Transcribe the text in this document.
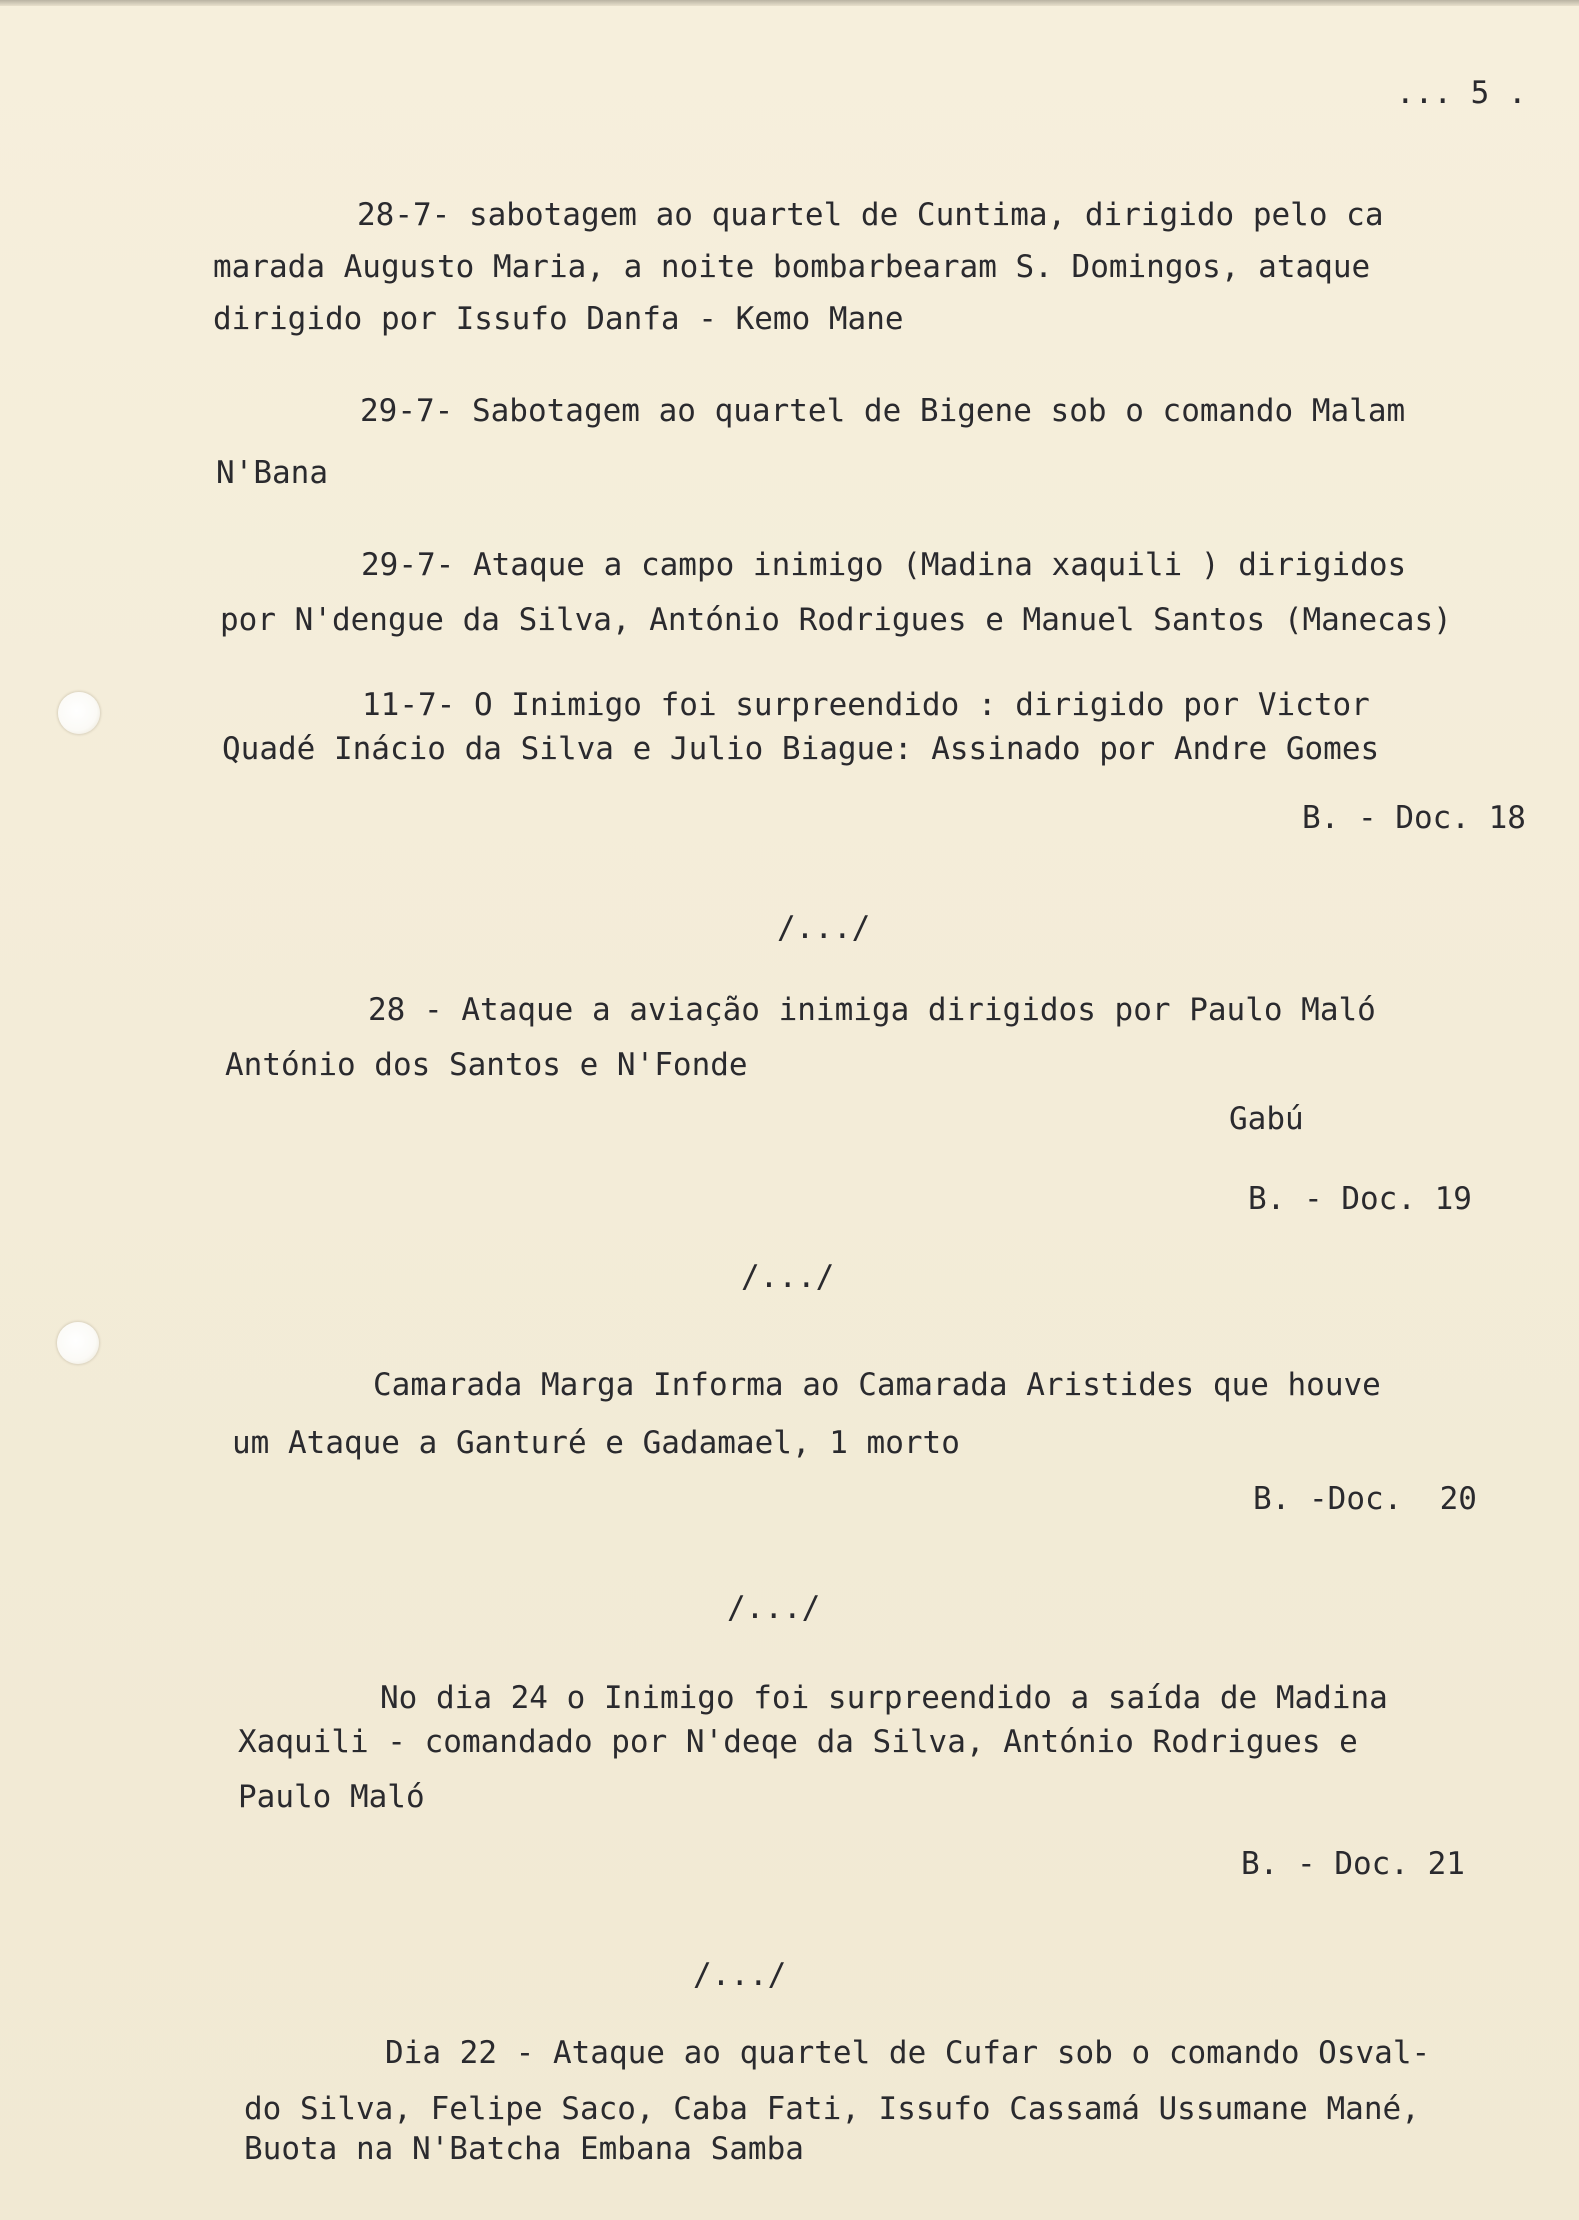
... 5 .
28-7- sabotagem ao quartel de Cuntima, dirigido pelo ca
marada Augusto Maria, a noite bombarbearam S. Domingos, ataque
dirigido por Issufo Danfa - Kemo Mane
29-7- Sabotagem ao quartel de Bigene sob o comando Malam
N'Bana
29-7- Ataque a campo inimigo (Madina xaquili ) dirigidos
por N'dengue da Silva, António Rodrigues e Manuel Santos (Manecas)
11-7- O Inimigo foi surpreendido : dirigido por Victor
Quadé Inácio da Silva e Julio Biague: Assinado por Andre Gomes
B. - Doc. 18
/.../
28 - Ataque a aviação inimiga dirigidos por Paulo Maló
António dos Santos e N'Fonde
Gabú
B. - Doc. 19
/.../
Camarada Marga Informa ao Camarada Aristides que houve
um Ataque a Ganturé e Gadamael, 1 morto
B. -Doc.  20
/.../
No dia 24 o Inimigo foi surpreendido a saída de Madina
Xaquili - comandado por N'deqe da Silva, António Rodrigues e
Paulo Maló
B. - Doc. 21
/.../
Dia 22 - Ataque ao quartel de Cufar sob o comando Osval-
do Silva, Felipe Saco, Caba Fati, Issufo Cassamá Ussumane Mané,
Buota na N'Batcha Embana Samba
